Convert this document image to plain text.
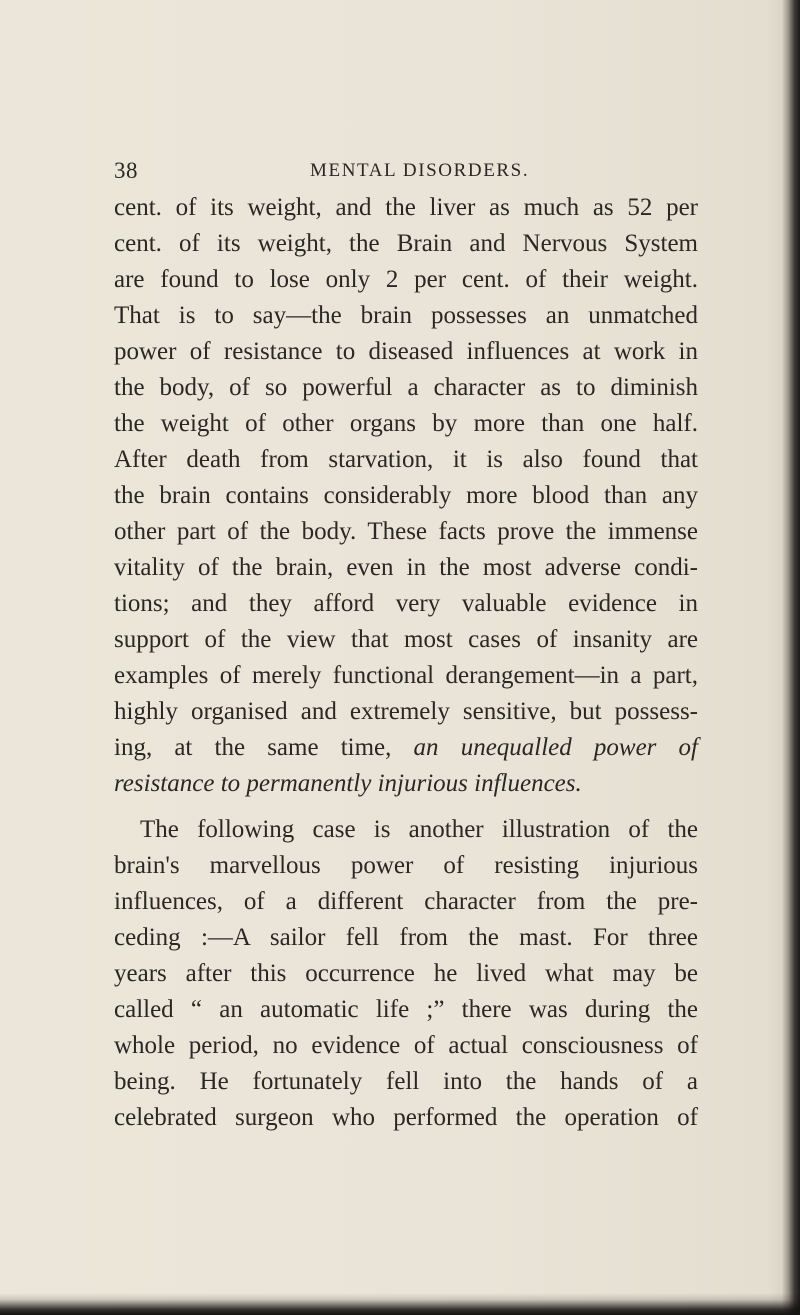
38	MENTAL DISORDERS.
cent. of its weight, and the liver as much as 52 per
cent. of its weight, the Brain and Nervous System
are found to lose only 2 per cent. of their weight.
That is to say—the brain possesses an unmatched
power of resistance to diseased influences at work in
the body, of so powerful a character as to diminish
the weight of other organs by more than one half.
After death from starvation, it is also found that
the brain contains considerably more blood than any
other part of the body. These facts prove the immense
vitality of the brain, even in the most adverse condi-
tions; and they afford very valuable evidence in
support of the view that most cases of insanity are
examples of merely functional derangement—in a part,
highly organised and extremely sensitive, but possess-
ing, at the same time, an unequalled power of
resistance to permanently injurious influences.
The following case is another illustration of the
brain's marvellous power of resisting injurious
influences, of a different character from the pre-
ceding :—A sailor fell from the mast. For three
years after this occurrence he lived what may be
called “ an automatic life ;” there was during the
whole period, no evidence of actual consciousness of
being. He fortunately fell into the hands of a
celebrated surgeon who performed the operation of
